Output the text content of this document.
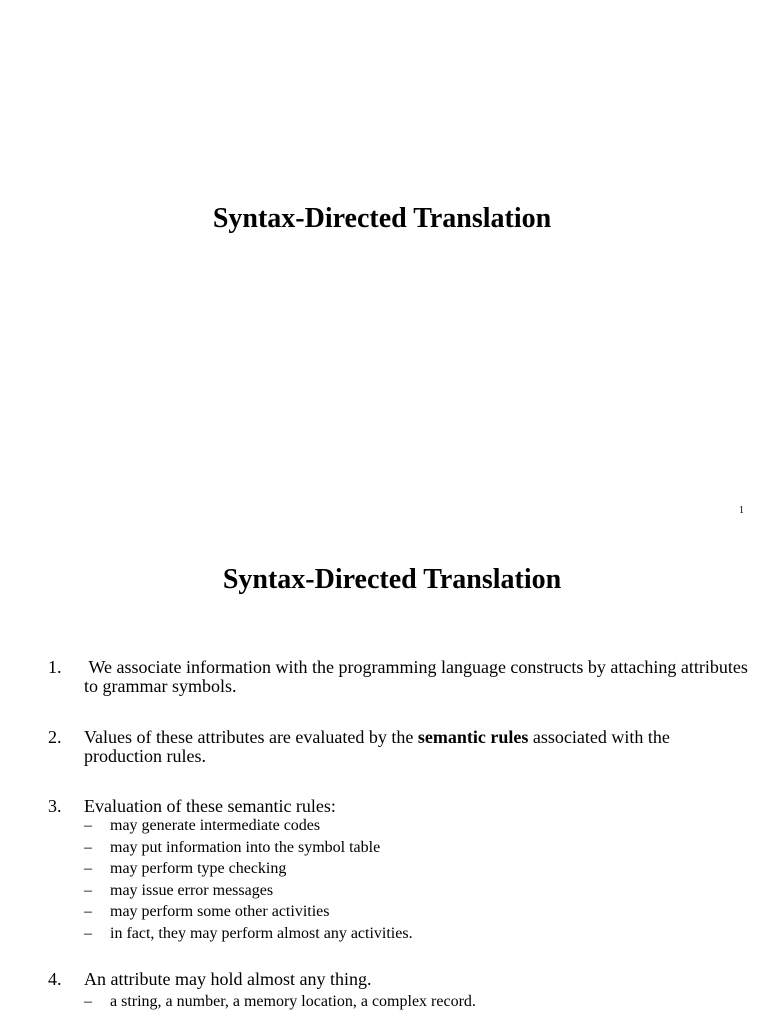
Syntax-Directed Translation
1
Syntax-Directed Translation
1. We associate information with the programming language constructs by attaching attributes to grammar symbols.
2. Values of these attributes are evaluated by the semantic rules associated with the production rules.
3. Evaluation of these semantic rules:
– may generate intermediate codes
– may put information into the symbol table
– may perform type checking
– may issue error messages
– may perform some other activities
– in fact, they may perform almost any activities.
4. An attribute may hold almost any thing.
– a string, a number, a memory location, a complex record.
